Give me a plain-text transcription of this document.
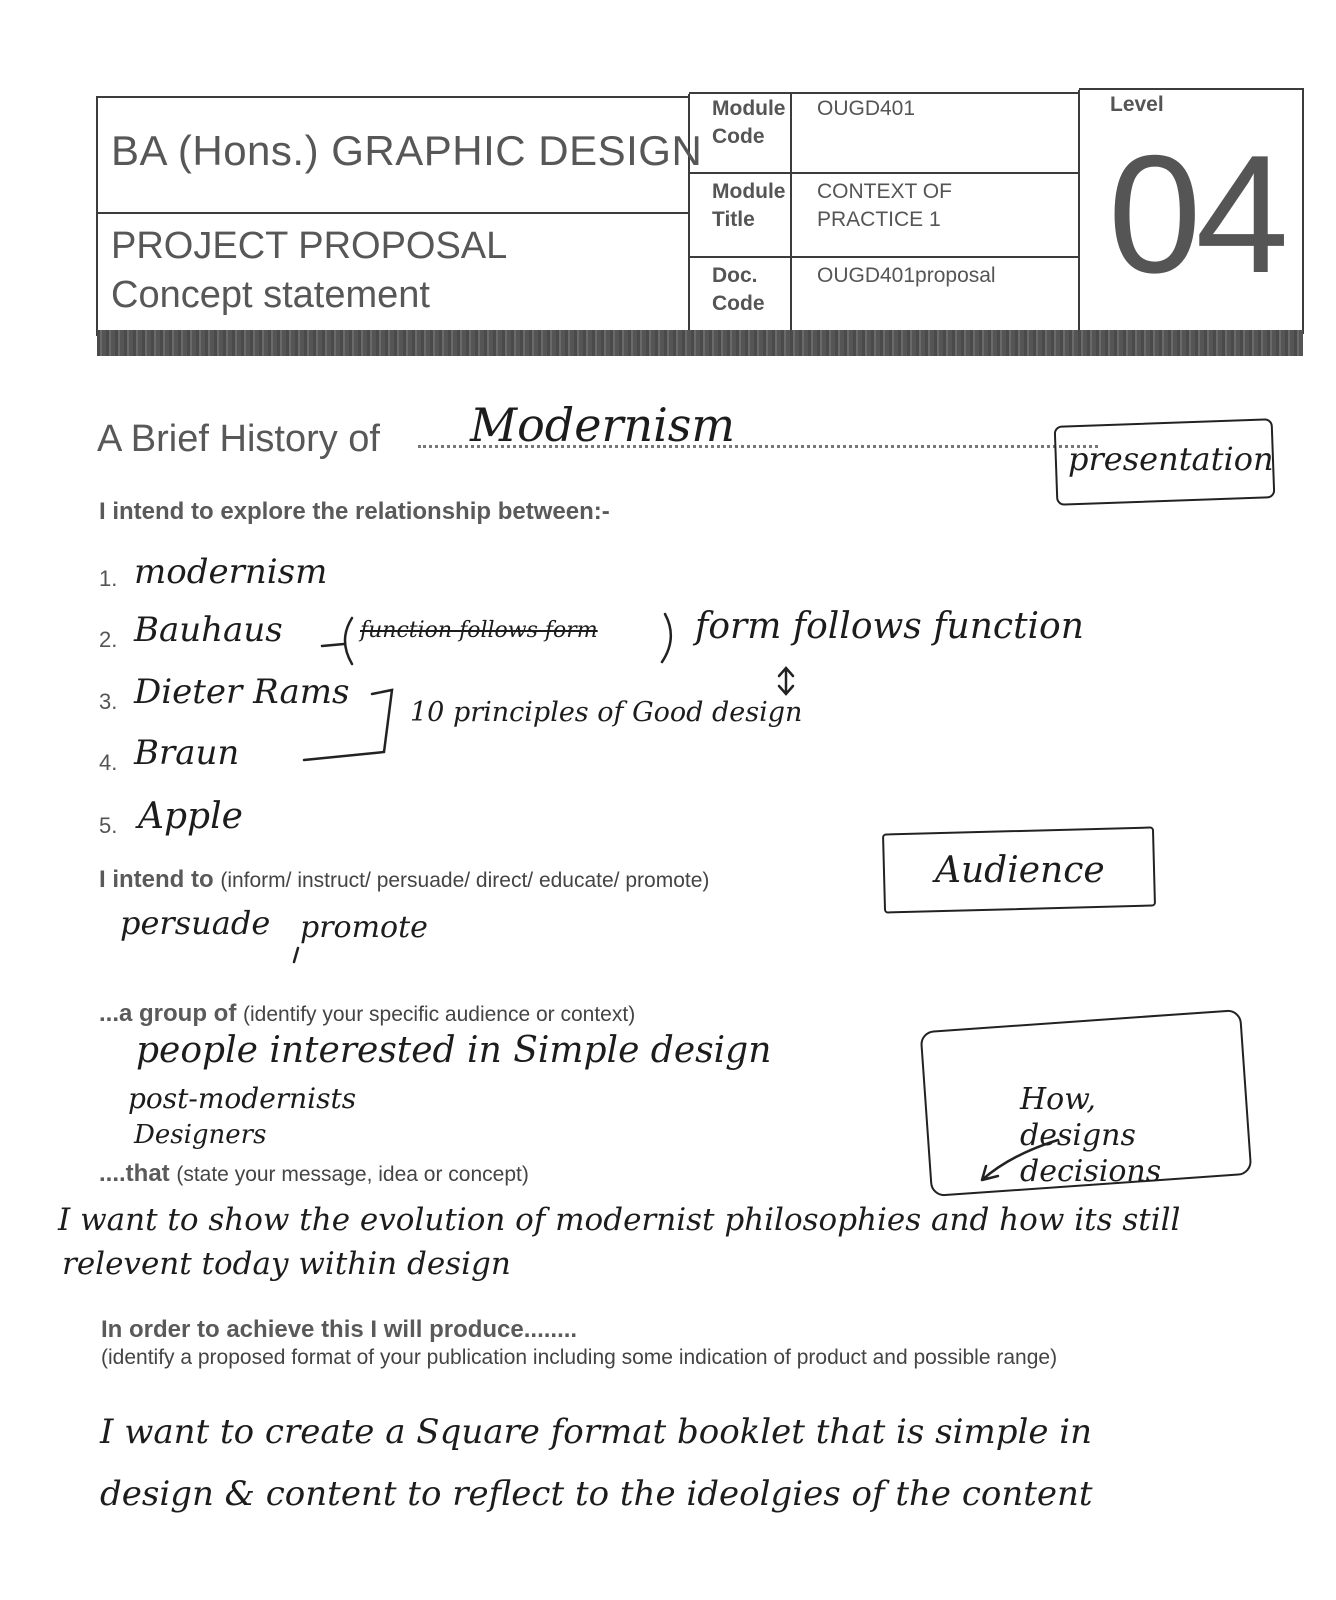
BA (Hons.) GRAPHIC DESIGN
PROJECT PROPOSAL
Concept statement
Module Code
OUGD401
Module Title
CONTEXT OF PRACTICE 1
Doc. Code
OUGD401proposal
Level
04
A Brief History of Modernism
presentation
I intend to explore the relationship between:-
1. modernism
2. Bauhaus
3. Dieter Rams
4. Braun
5. Apple
function follows form	form follows function
10 principles of Good design
I intend to (inform/ instruct/ persuade/ direct/ educate/ promote)
persuade promote
Audience
...a group of (identify your specific audience or context)
people interested in Simple design
post-modernists
Designers
How, designs decisions
....that (state your message, idea or concept)
I want to show the evolution of modernist philosophies and how its still
relevent today within design
In order to achieve this I will produce........
(identify a proposed format of your publication including some indication of product and possible range)
I want to create a Square format booklet that is simple in
design & content to reflect to the ideolgies of the content
